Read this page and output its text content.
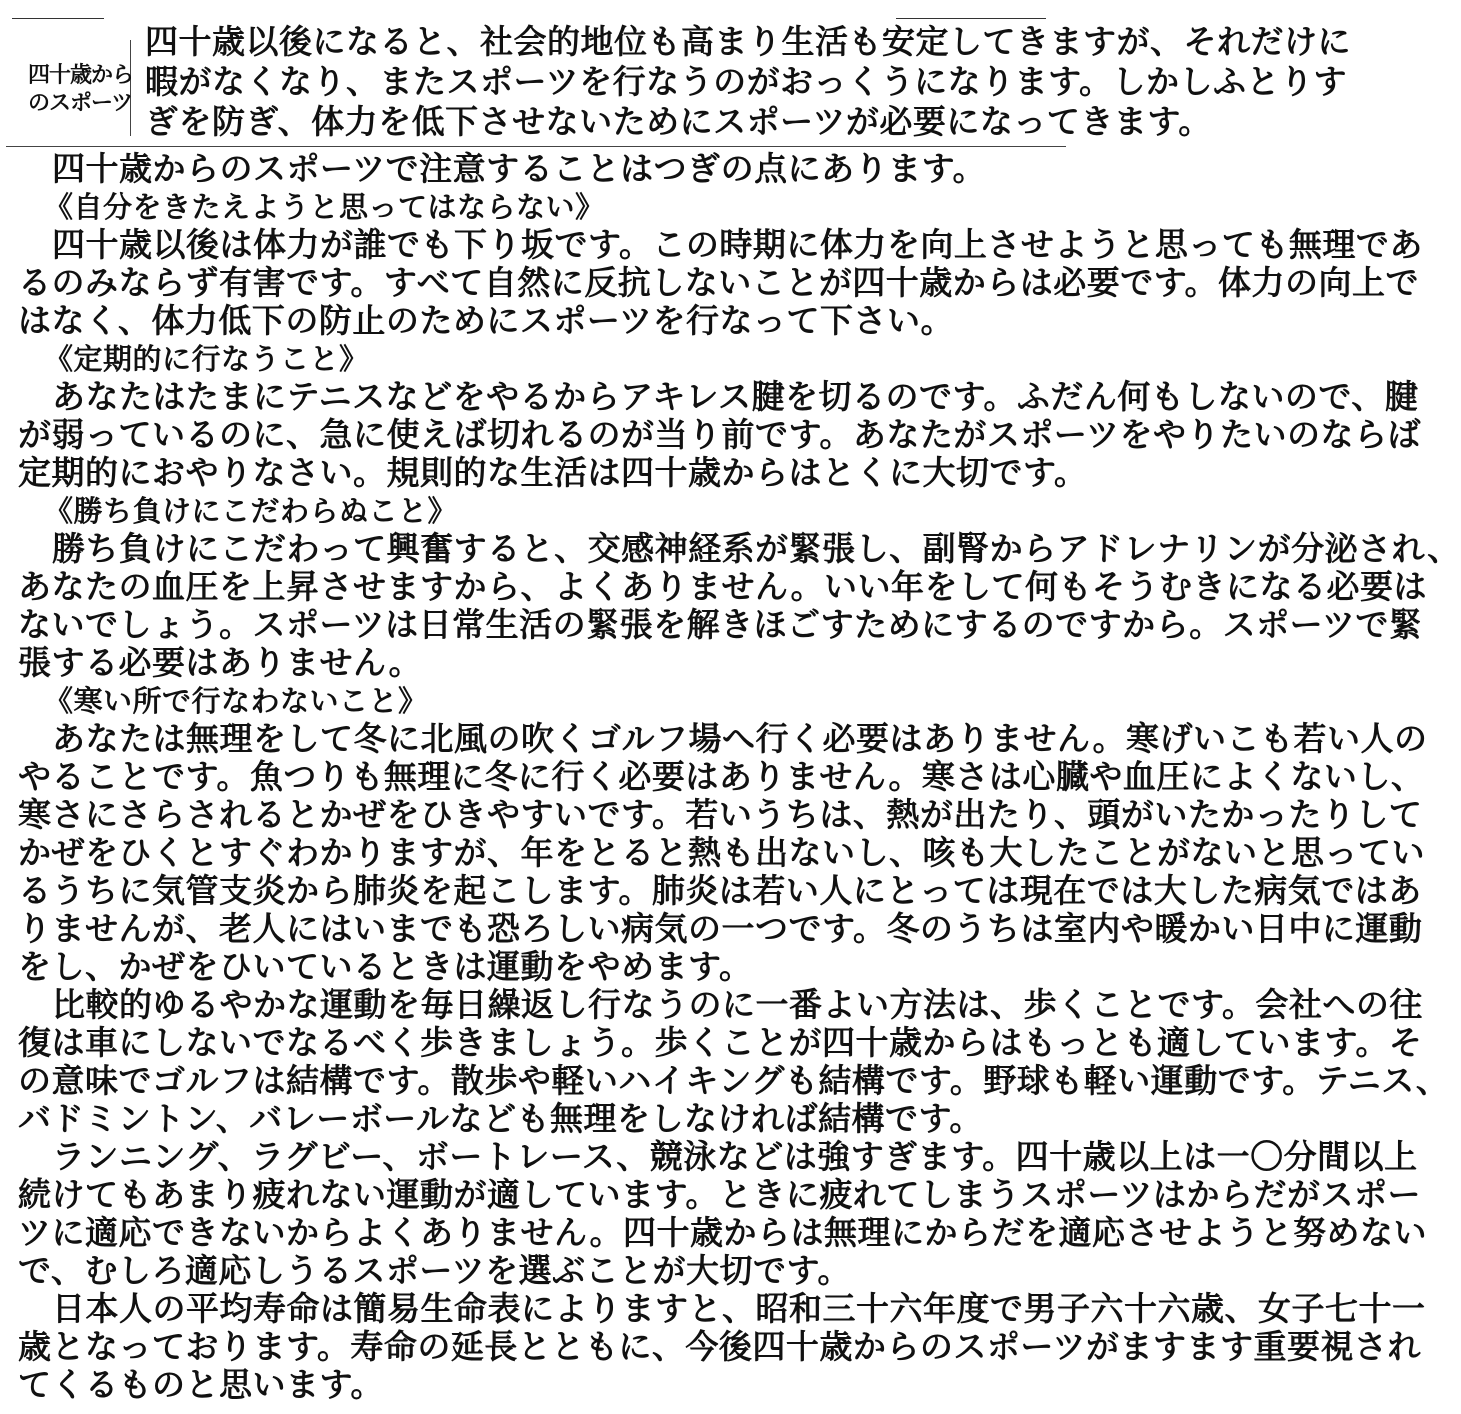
四十歳から
のスポーツ
四十歳以後になると、社会的地位も高まり生活も安定してきますが、それだけに
暇がなくなり、またスポーツを行なうのがおっくうになります。しかしふとりす
ぎを防ぎ、体力を低下させないためにスポーツが必要になってきます。
四十歳からのスポーツで注意することはつぎの点にあります。
《自分をきたえようと思ってはならない》
四十歳以後は体力が誰でも下り坂です。この時期に体力を向上させようと思っても無理であ
るのみならず有害です。すべて自然に反抗しないことが四十歳からは必要です。体力の向上で
はなく、体力低下の防止のためにスポーツを行なって下さい。
《定期的に行なうこと》
あなたはたまにテニスなどをやるからアキレス腱を切るのです。ふだん何もしないので、腱
が弱っているのに、急に使えば切れるのが当り前です。あなたがスポーツをやりたいのならば
定期的におやりなさい。規則的な生活は四十歳からはとくに大切です。
《勝ち負けにこだわらぬこと》
勝ち負けにこだわって興奮すると、交感神経系が緊張し、副腎からアドレナリンが分泌され、
あなたの血圧を上昇させますから、よくありません。いい年をして何もそうむきになる必要は
ないでしょう。スポーツは日常生活の緊張を解きほごすためにするのですから。スポーツで緊
張する必要はありません。
《寒い所で行なわないこと》
あなたは無理をして冬に北風の吹くゴルフ場へ行く必要はありません。寒げいこも若い人の
やることです。魚つりも無理に冬に行く必要はありません。寒さは心臓や血圧によくないし、
寒さにさらされるとかぜをひきやすいです。若いうちは、熱が出たり、頭がいたかったりして
かぜをひくとすぐわかりますが、年をとると熱も出ないし、咳も大したことがないと思ってい
るうちに気管支炎から肺炎を起こします。肺炎は若い人にとっては現在では大した病気ではあ
りませんが、老人にはいまでも恐ろしい病気の一つです。冬のうちは室内や暖かい日中に運動
をし、かぜをひいているときは運動をやめます。
比較的ゆるやかな運動を毎日繰返し行なうのに一番よい方法は、歩くことです。会社への往
復は車にしないでなるべく歩きましょう。歩くことが四十歳からはもっとも適しています。そ
の意味でゴルフは結構です。散歩や軽いハイキングも結構です。野球も軽い運動です。テニス、
バドミントン、バレーボールなども無理をしなければ結構です。
ランニング、ラグビー、ボートレース、競泳などは強すぎます。四十歳以上は一〇分間以上
続けてもあまり疲れない運動が適しています。ときに疲れてしまうスポーツはからだがスポー
ツに適応できないからよくありません。四十歳からは無理にからだを適応させようと努めない
で、むしろ適応しうるスポーツを選ぶことが大切です。
日本人の平均寿命は簡易生命表によりますと、昭和三十六年度で男子六十六歳、女子七十一
歳となっております。寿命の延長とともに、今後四十歳からのスポーツがますます重要視され
てくるものと思います。
